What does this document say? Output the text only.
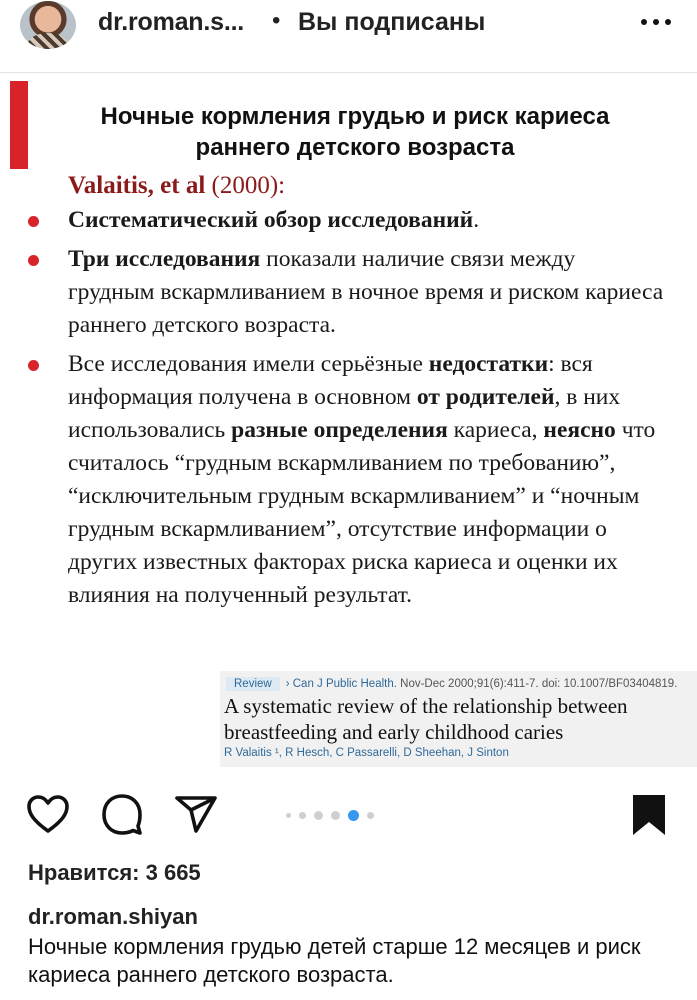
dr.roman.s... • Вы подписаны
Ночные кормления грудью и риск кариеса
раннего детского возраста
Valaitis, et al (2000):
Систематический обзор исследований.
Три исследования показали наличие связи между грудным вскармливанием в ночное время и риском кариеса раннего детского возраста.
Все исследования имели серьёзные недостатки: вся информация получена в основном от родителей, в них использовались разные определения кариеса, неясно что считалось “грудным вскармливанием по требованию”, “исключительным грудным вскармливанием” и “ночным грудным вскармливанием”, отсутствие информации о других известных факторах риска кариеса и оценки их влияния на полученный результат.
Review › Can J Public Health. Nov-Dec 2000;91(6):411-7. doi: 10.1007/BF03404819.
A systematic review of the relationship between breastfeeding and early childhood caries
R Valaitis ¹, R Hesch, C Passarelli, D Sheehan, J Sinton
Нравится: 3 665
dr.roman.shiyan
Ночные кормления грудью детей старше 12 месяцев и риск кариеса раннего детского возраста.
